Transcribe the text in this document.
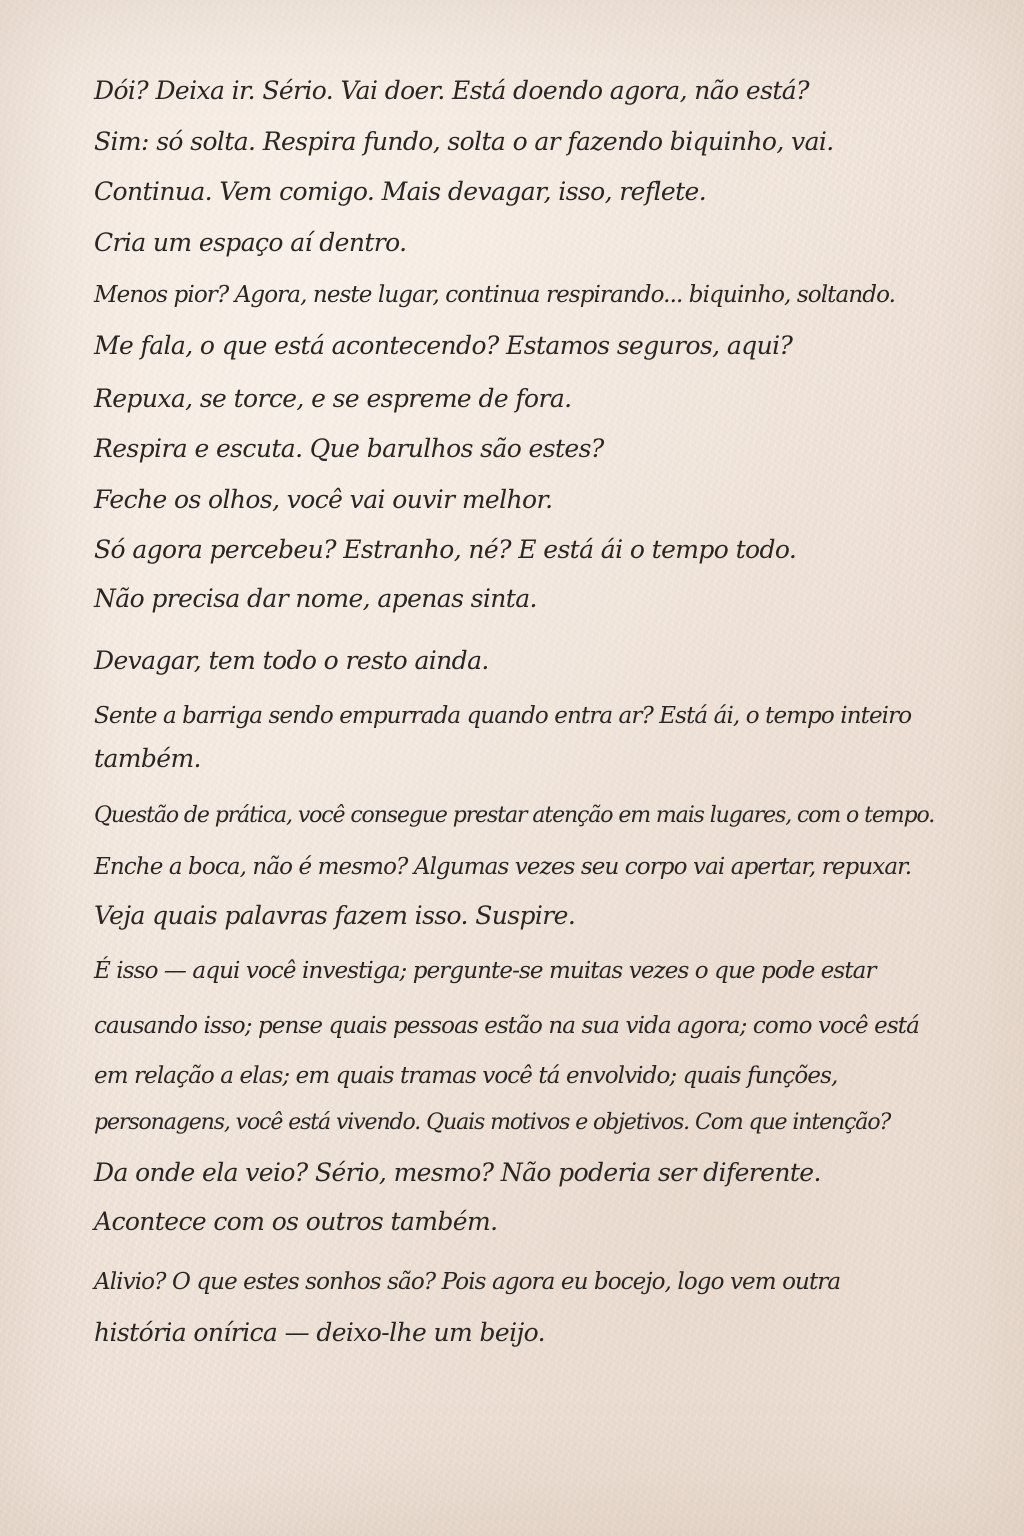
Dói? Deixa ir. Sério. Vai doer. Está doendo agora, não está?

Sim: só solta. Respira fundo, solta o ar fazendo biquinho, vai.

Continua. Vem comigo. Mais devagar, isso, reflete.

Cria um espaço aí dentro.

Menos pior? Agora, neste lugar, continua respirando... biquinho, soltando.

Me fala, o que está acontecendo? Estamos seguros, aqui?

Repuxa, se torce, e se espreme de fora.

Respira e escuta. Que barulhos são estes?

Feche os olhos, você vai ouvir melhor.

Só agora percebeu? Estranho, né? E está ái o tempo todo.

Não precisa dar nome, apenas sinta.

Devagar, tem todo o resto ainda.

Sente a barriga sendo empurrada quando entra ar? Está ái, o tempo inteiro

também.

Questão de prática, você consegue prestar atenção em mais lugares, com o tempo.

Enche a boca, não é mesmo? Algumas vezes seu corpo vai apertar, repuxar.

Veja quais palavras fazem isso. Suspire.

É isso — aqui você investiga; pergunte-se muitas vezes o que pode estar

causando isso; pense quais pessoas estão na sua vida agora; como você está

em relação a elas; em quais tramas você tá envolvido; quais funções,

personagens, você está vivendo. Quais motivos e objetivos. Com que intenção?

Da onde ela veio? Sério, mesmo? Não poderia ser diferente.

Acontece com os outros também.

Alivio? O que estes sonhos são? Pois agora eu bocejo, logo vem outra

história onírica — deixo-lhe um beijo.
